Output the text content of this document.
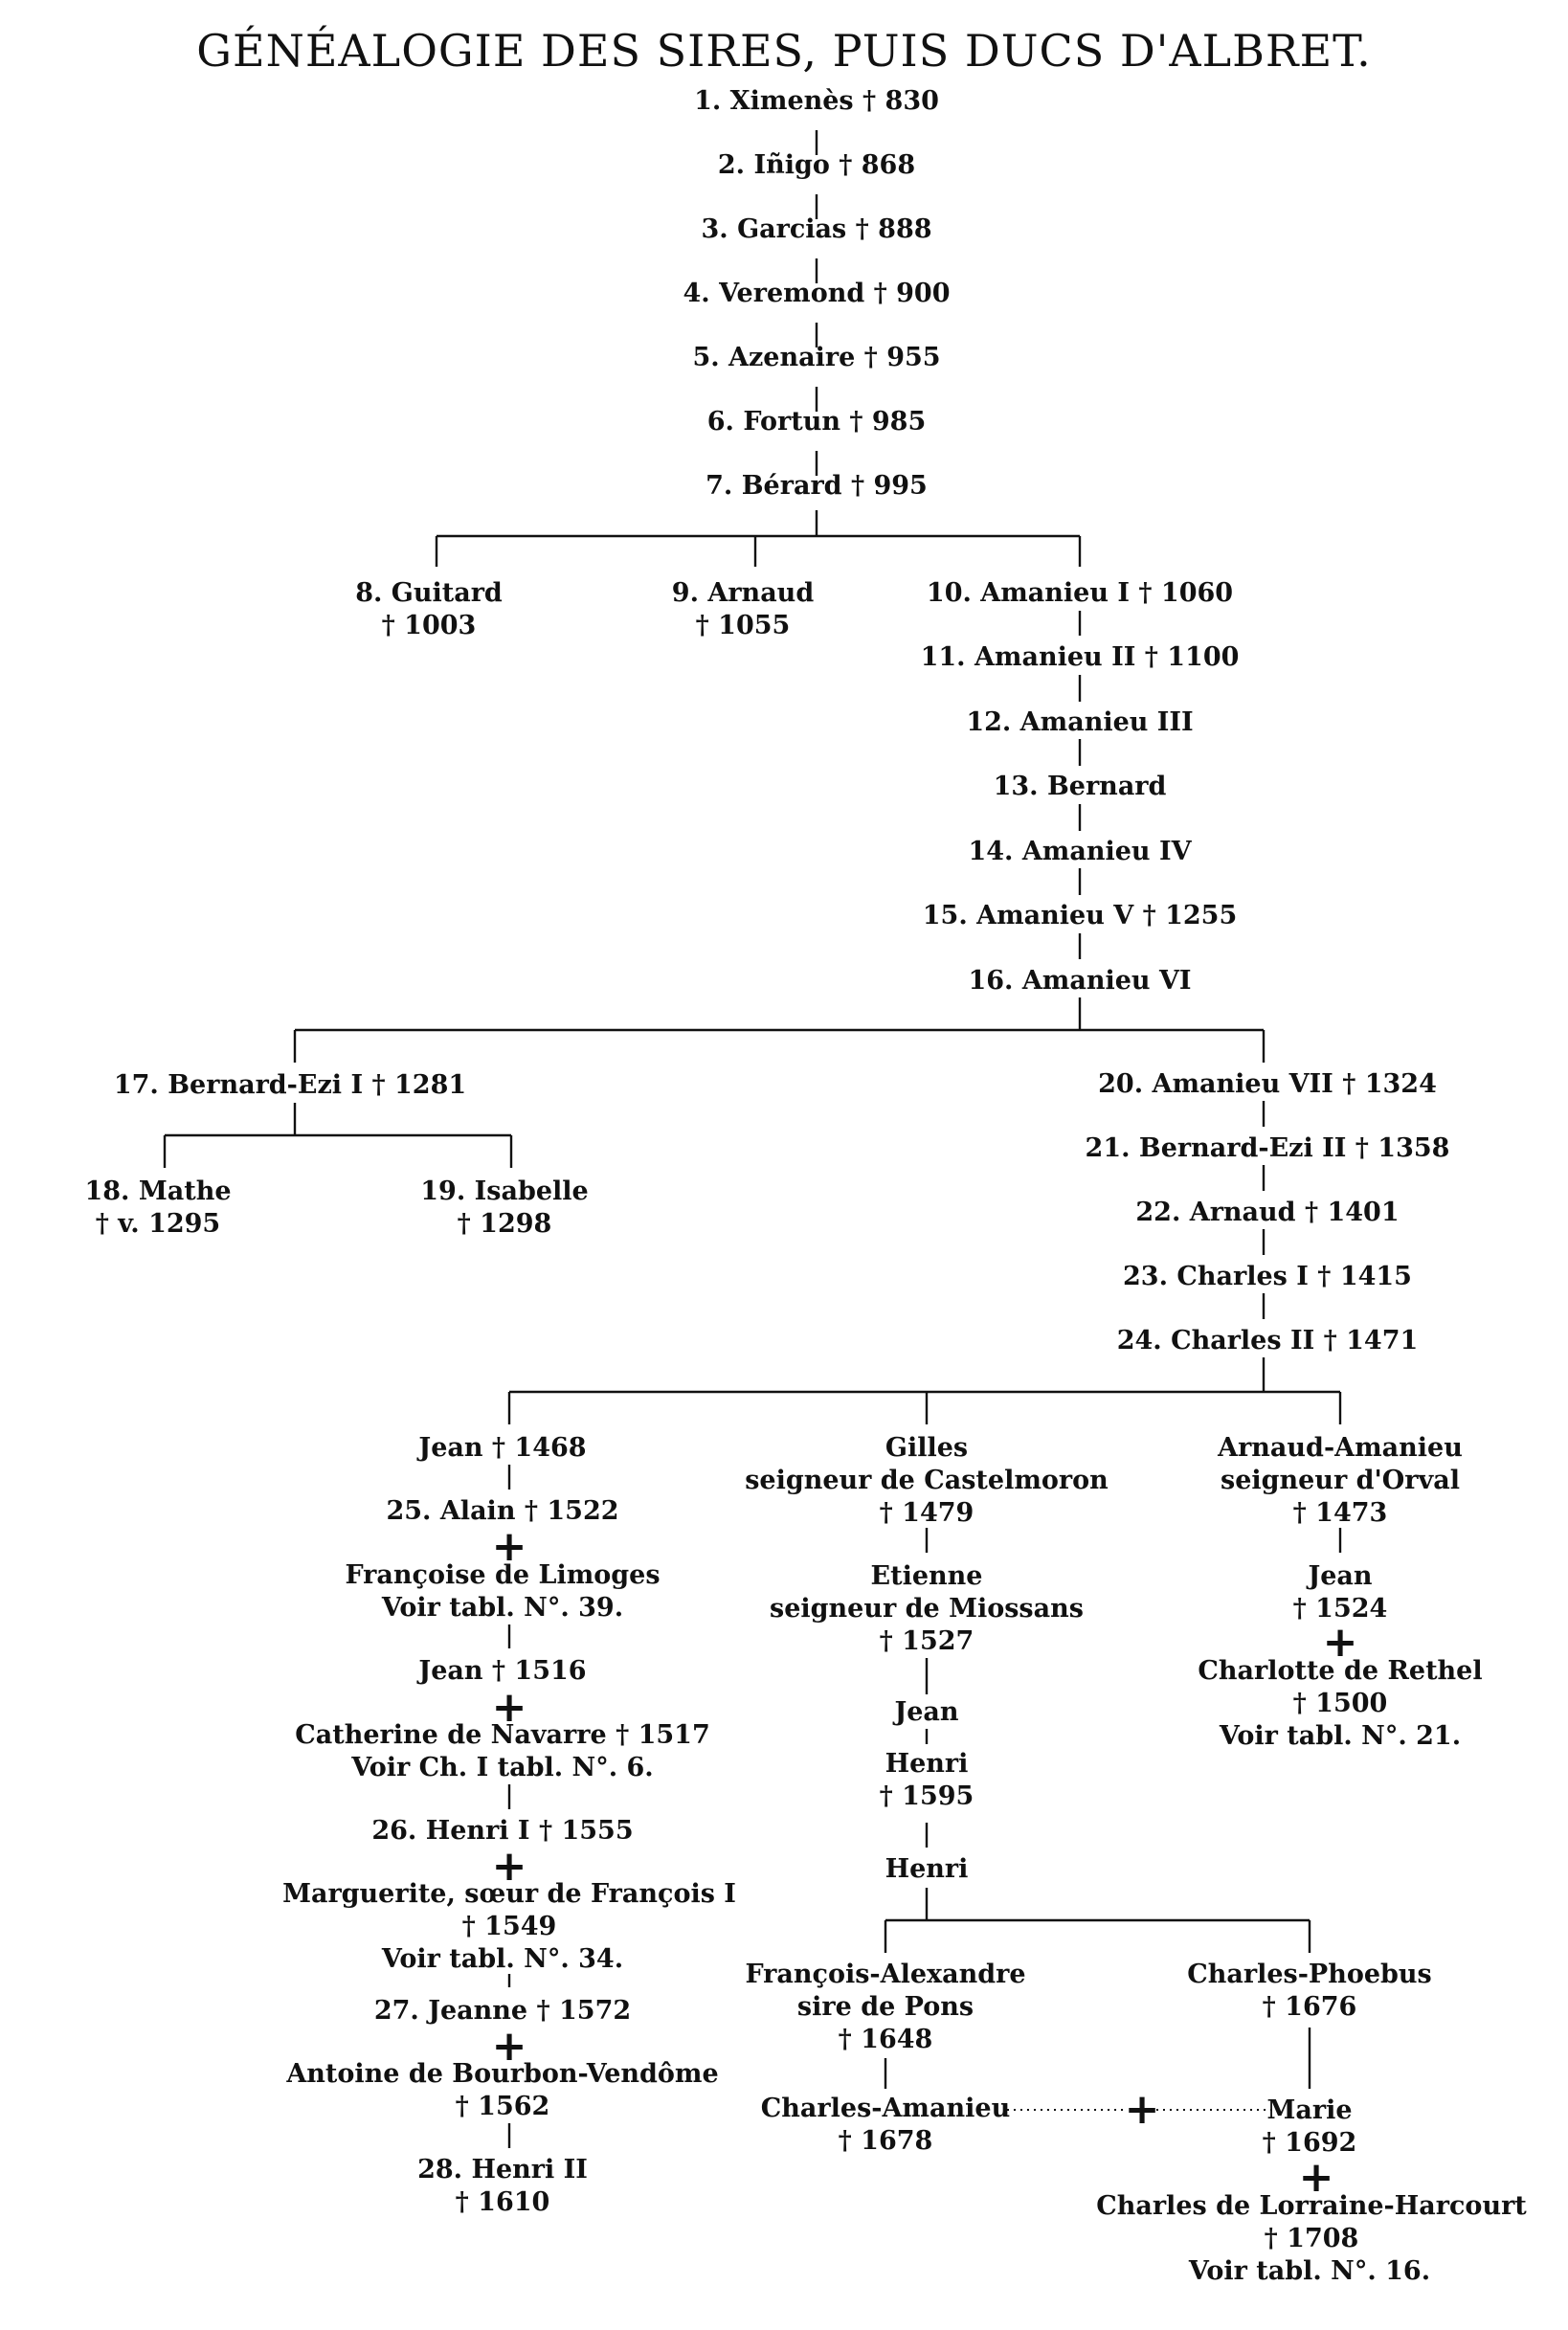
GÉNÉALOGIE DES SIRES, PUIS DUCS D'ALBRET.
1. Ximenès † 830
2. Iñigo † 868
3. Garcias † 888
4. Veremond † 900
5. Azenaire † 955
6. Fortun † 985
7. Bérard † 995
8. Guitard
† 1003
9. Arnaud
† 1055
10. Amanieu I † 1060
11. Amanieu II † 1100
12. Amanieu III
13. Bernard
14. Amanieu IV
15. Amanieu V † 1255
16. Amanieu VI
17. Bernard-Ezi I † 1281
18. Mathe
† v. 1295
19. Isabelle
† 1298
20. Amanieu VII † 1324
21. Bernard-Ezi II † 1358
22. Arnaud † 1401
23. Charles I † 1415
24. Charles II † 1471
Jean † 1468
25. Alain † 1522
+
Françoise de Limoges
Voir tabl. N°. 39.
Jean † 1516
+
Catherine de Navarre † 1517
Voir Ch. I tabl. N°. 6.
26. Henri I † 1555
+
Marguerite, sœur de François I
† 1549
Voir tabl. N°. 34.
27. Jeanne † 1572
+
Antoine de Bourbon-Vendôme
† 1562
28. Henri II
† 1610
Gilles
seigneur de Castelmoron
† 1479
Etienne
seigneur de Miossans
† 1527
Jean
Henri
† 1595
Henri
François-Alexandre
sire de Pons
† 1648
Charles-Amanieu
† 1678
+
Charles-Phoebus
† 1676
Marie
† 1692
+
Charles de Lorraine-Harcourt
† 1708
Voir tabl. N°. 16.
Arnaud-Amanieu
seigneur d'Orval
† 1473
Jean
† 1524
+
Charlotte de Rethel
† 1500
Voir tabl. N°. 21.
